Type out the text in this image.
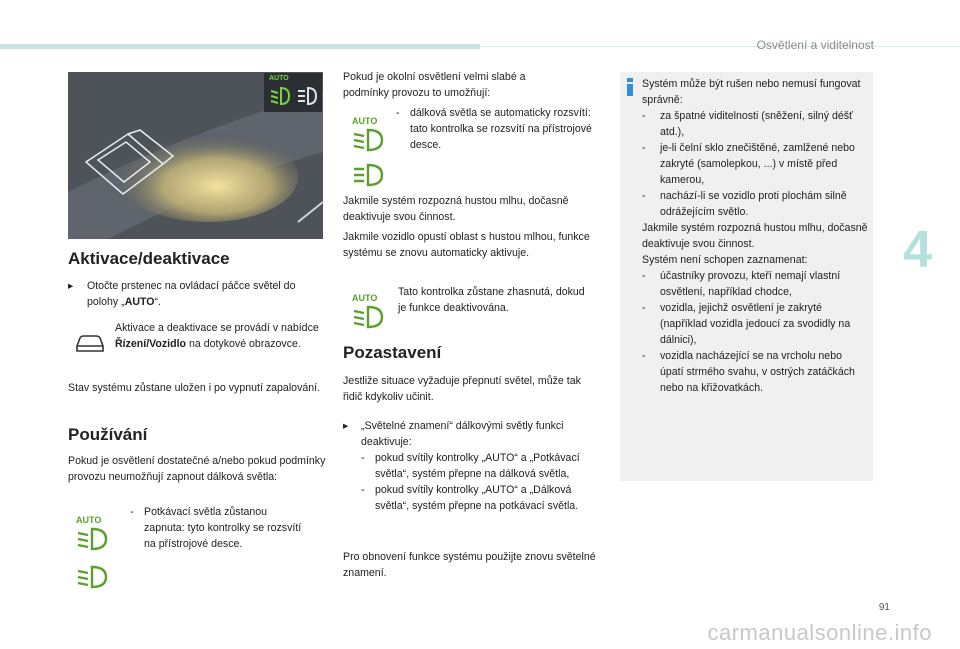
Osvětlení a viditelnost
4
AUTO
Aktivace/deaktivace
▸	Otočte prstenec na ovládací páčce světel do polohy „AUTO“.
Aktivace a deaktivace se provádí v nabídce Řízení/Vozidlo na dotykové obrazovce.
Stav systému zůstane uložen i po vypnutí zapalování.
Používání
Pokud je osvětlení dostatečné a/nebo pokud podmínky provozu neumožňují zapnout dálková světla:
AUTO
- Potkávací světla zůstanou zapnuta: tyto kontrolky se rozsvítí na přístrojové desce.
Pokud je okolní osvětlení velmi slabé a podmínky provozu to umožňují:
AUTO
- dálková světla se automaticky rozsvítí: tato kontrolka se rozsvítí na přístrojové desce.
Jakmile systém rozpozná hustou mlhu, dočasně deaktivuje svou činnost.
Jakmile vozidlo opustí oblast s hustou mlhou, funkce systému se znovu automaticky aktivuje.
AUTO Tato kontrolka zůstane zhasnutá, dokud je funkce deaktivována.
Pozastavení
Jestliže situace vyžaduje přepnutí světel, může tak řidič kdykoliv učinit.
▸ „Světelné znamení“ dálkovými světly funkci deaktivuje:
- pokud svítily kontrolky „AUTO“ a „Potkávací světla“, systém přepne na dálková světla,
- pokud svítily kontrolky „AUTO“ a „Dálková světla“, systém přepne na potkávací světla.
Pro obnovení funkce systému použijte znovu světelné znamení.
Systém může být rušen nebo nemusí fungovat správně:
- za špatné viditelnosti (sněžení, silný déšť atd.),
- je-li čelní sklo znečištěné, zamlžené nebo zakryté (samolepkou, ...) v místě před kamerou,
- nachází-li se vozidlo proti plochám silně odrážejícím světlo.
Jakmile systém rozpozná hustou mlhu, dočasně deaktivuje svou činnost.
Systém není schopen zaznamenat:
- účastníky provozu, kteří nemají vlastní osvětlení, například chodce,
- vozidla, jejichž osvětlení je zakryté (například vozidla jedoucí za svodidly na dálnici),
- vozidla nacházející se na vrcholu nebo úpatí strmého svahu, v ostrých zatáčkách nebo na křižovatkách.
91
carmanualsonline.info
